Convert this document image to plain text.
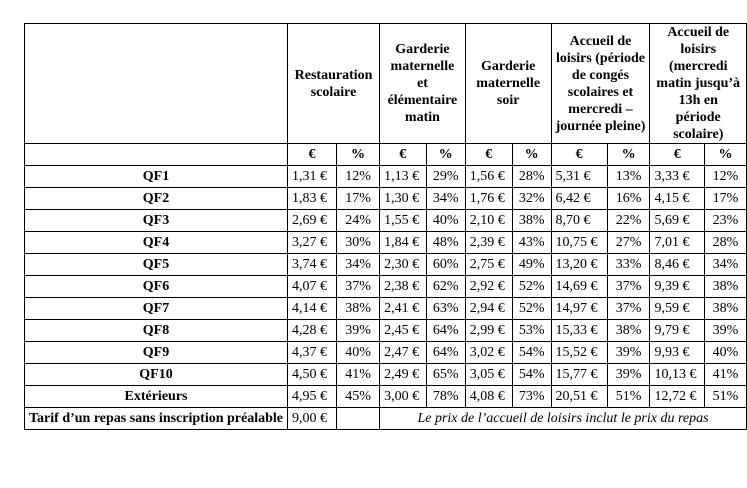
	Restauration scolaire		Garderie maternelle et élémentaire matin		Garderie maternelle soir		Accueil de loisirs (période de congés scolaires et mercredi – journée pleine)		Accueil de loisirs (mercredi matin jusqu’à 13h en période scolaire)	
	€	%	€	%	€	%	€	%	€	%
QF1	1,31 €	12%	1,13 €	29%	1,56 €	28%	5,31 €	13%	3,33 €	12%
QF2	1,83 €	17%	1,30 €	34%	1,76 €	32%	6,42 €	16%	4,15 €	17%
QF3	2,69 €	24%	1,55 €	40%	2,10 €	38%	8,70 €	22%	5,69 €	23%
QF4	3,27 €	30%	1,84 €	48%	2,39 €	43%	10,75 €	27%	7,01 €	28%
QF5	3,74 €	34%	2,30 €	60%	2,75 €	49%	13,20 €	33%	8,46 €	34%
QF6	4,07 €	37%	2,38 €	62%	2,92 €	52%	14,69 €	37%	9,39 €	38%
QF7	4,14 €	38%	2,41 €	63%	2,94 €	52%	14,97 €	37%	9,59 €	38%
QF8	4,28 €	39%	2,45 €	64%	2,99 €	53%	15,33 €	38%	9,79 €	39%
QF9	4,37 €	40%	2,47 €	64%	3,02 €	54%	15,52 €	39%	9,93 €	40%
QF10	4,50 €	41%	2,49 €	65%	3,05 €	54%	15,77 €	39%	10,13 €	41%
Extérieurs	4,95 €	45%	3,00 €	78%	4,08 €	73%	20,51 €	51%	12,72 €	51%
Tarif d’un repas sans inscription préalable	9,00 €		Le prix de l’accueil de loisirs inclut le prix du repas							
